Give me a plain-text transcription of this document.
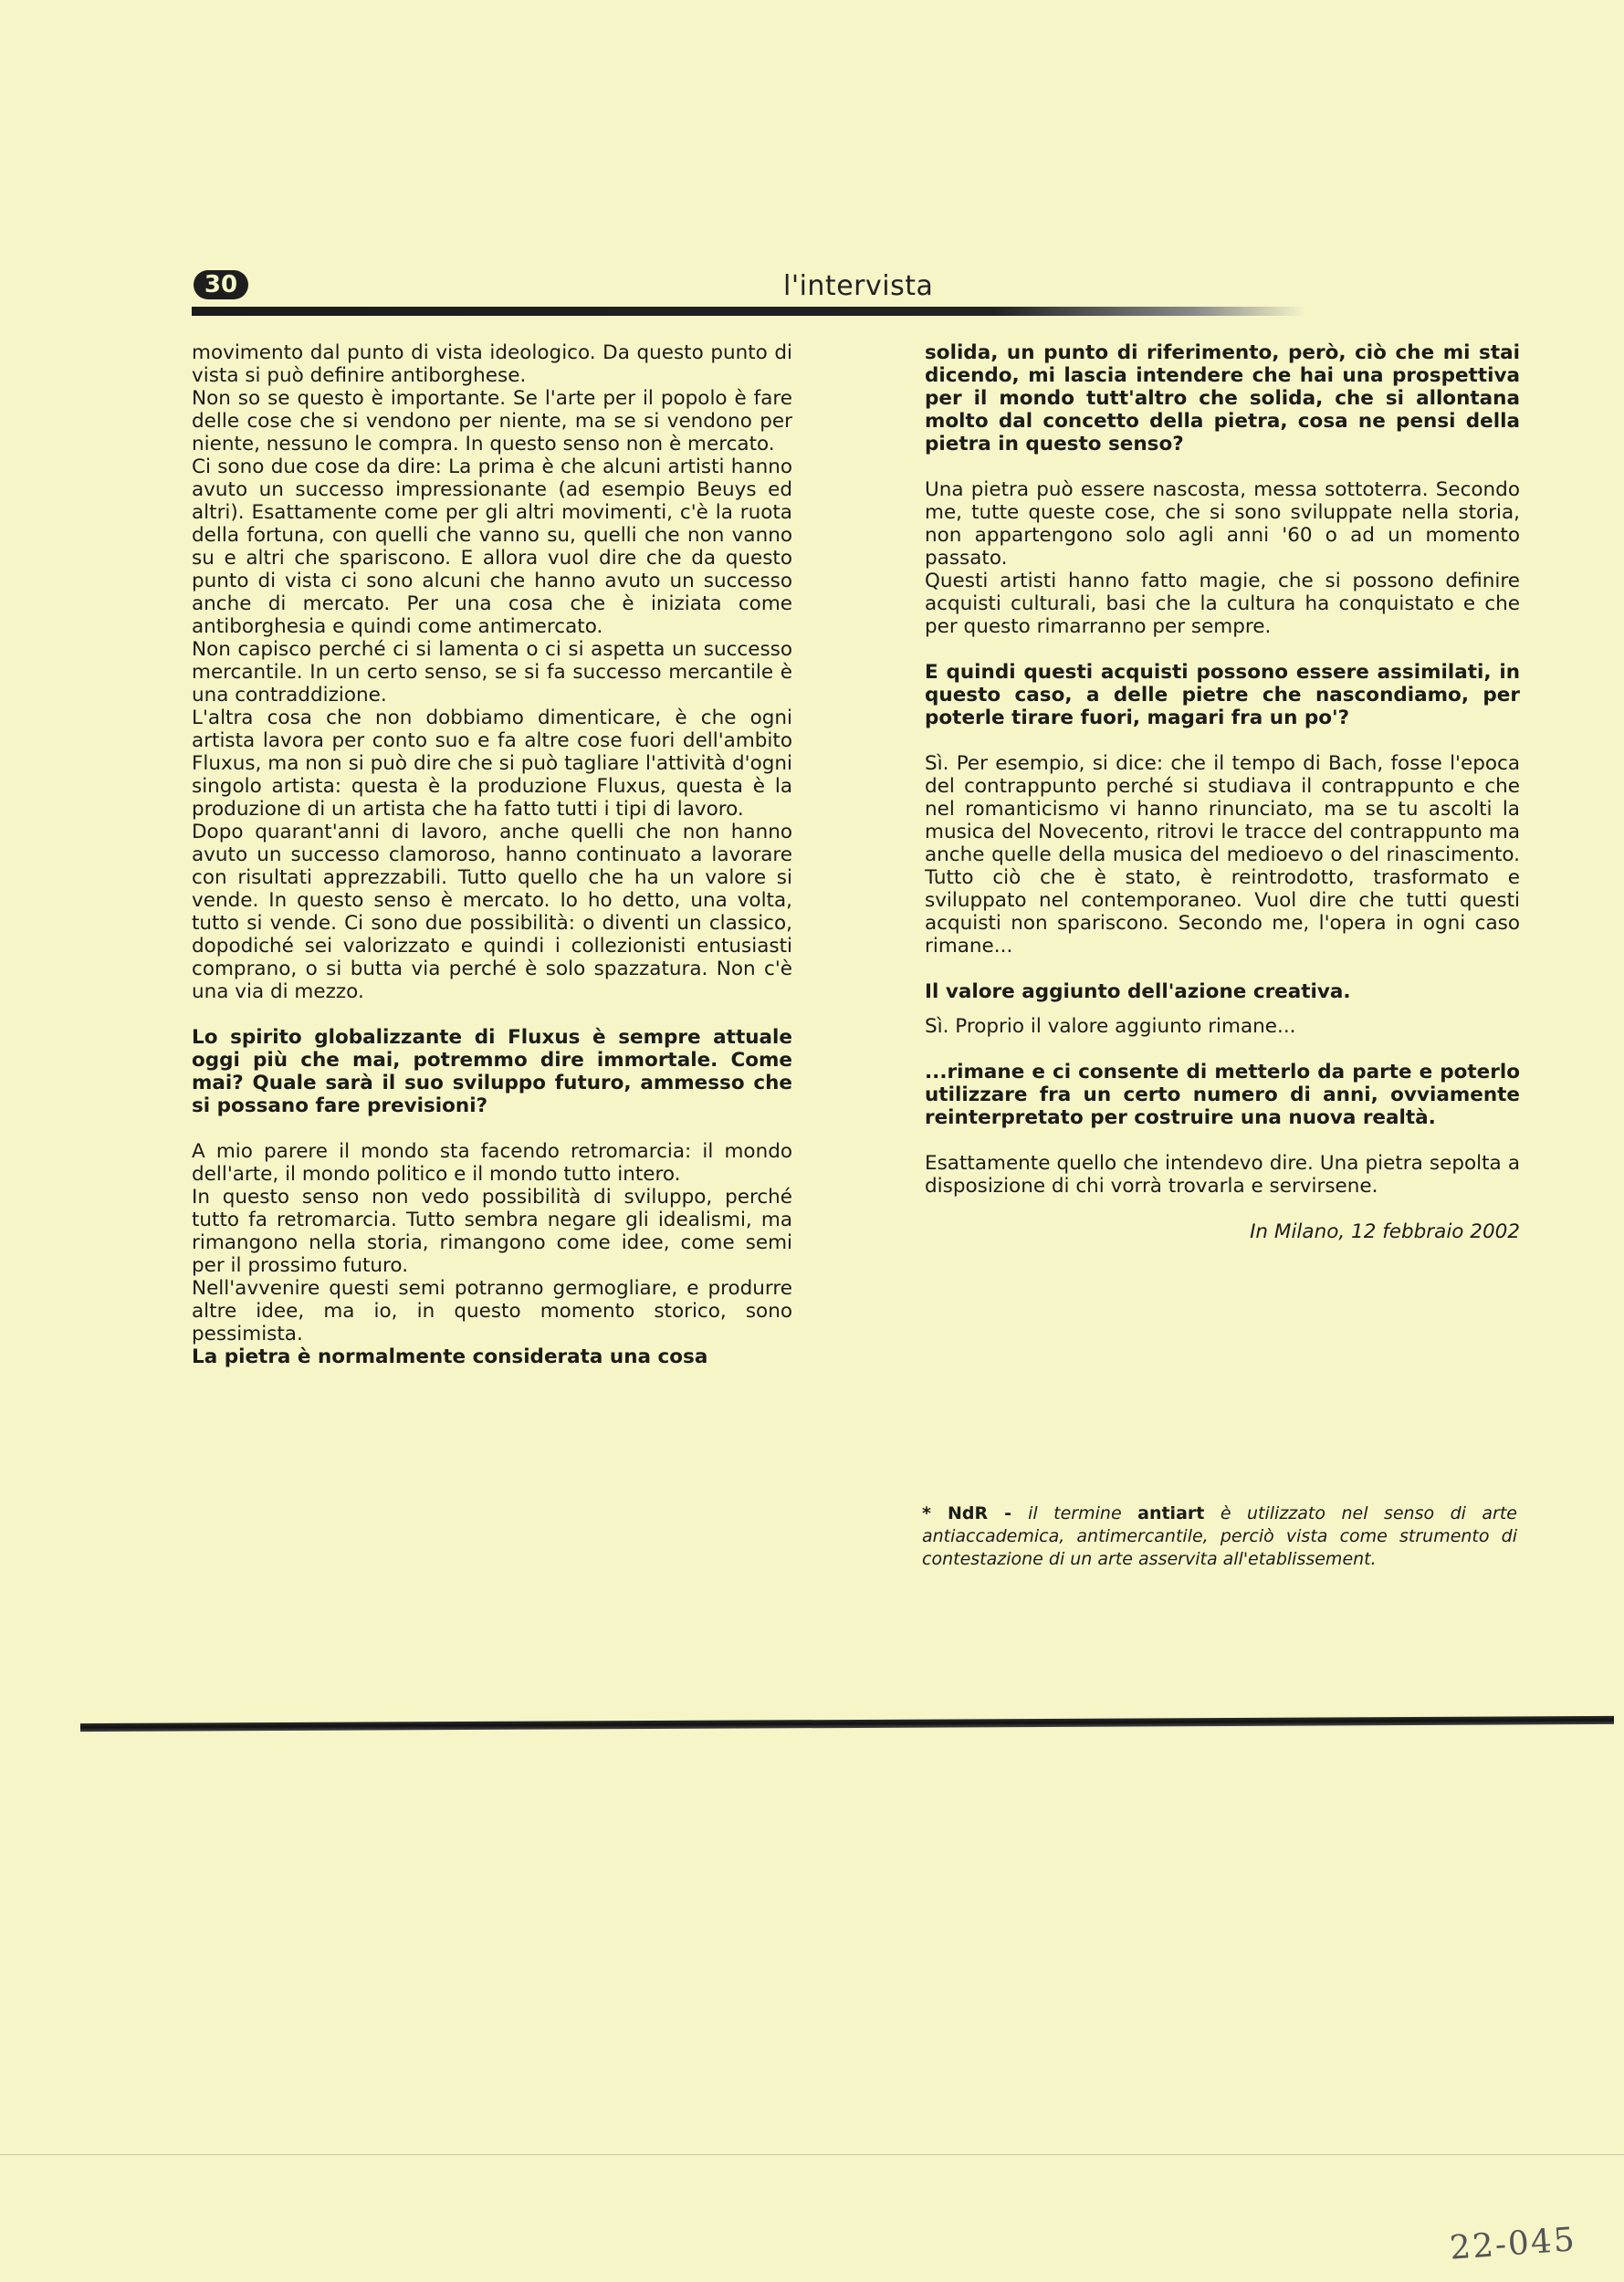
30	l'intervista

movimento dal punto di vista ideologico. Da questo punto di vista si può definire antiborghese.

Non so se questo è importante. Se l'arte per il popolo è fare delle cose che si vendono per niente, ma se si vendono per niente, nessuno le compra. In questo senso non è mercato.

Ci sono due cose da dire: La prima è che alcuni artisti hanno avuto un successo impressionante (ad esempio Beuys ed altri). Esattamente come per gli altri movimenti, c'è la ruota della fortuna, con quelli che vanno su, quelli che non vanno su e altri che spariscono. E allora vuol dire che da questo punto di vista ci sono alcuni che hanno avuto un successo anche di mercato. Per una cosa che è iniziata come antiborghesia e quindi come antimercato.

Non capisco perché ci si lamenta o ci si aspetta un successo mercantile. In un certo senso, se si fa successo mercantile è una contraddizione.

L'altra cosa che non dobbiamo dimenticare, è che ogni artista lavora per conto suo e fa altre cose fuori dell'ambito Fluxus, ma non si può dire che si può tagliare l'attività d'ogni singolo artista: questa è la produzione Fluxus, questa è la produzione di un artista che ha fatto tutti i tipi di lavoro.

Dopo quarant'anni di lavoro, anche quelli che non hanno avuto un successo clamoroso, hanno continuato a lavorare con risultati apprezzabili. Tutto quello che ha un valore si vende. In questo senso è mercato. Io ho detto, una volta, tutto si vende. Ci sono due possibilità: o diventi un classico, dopodiché sei valorizzato e quindi i collezionisti entusiasti comprano, o si butta via perché è solo spazzatura. Non c'è una via di mezzo.

Lo spirito globalizzante di Fluxus è sempre attuale oggi più che mai, potremmo dire immortale. Come mai? Quale sarà il suo sviluppo futuro, ammesso che si possano fare previsioni?

A mio parere il mondo sta facendo retromarcia: il mondo dell'arte, il mondo politico e il mondo tutto intero.

In questo senso non vedo possibilità di sviluppo, perché tutto fa retromarcia. Tutto sembra negare gli idealismi, ma rimangono nella storia, rimangono come idee, come semi per il prossimo futuro.

Nell'avvenire questi semi potranno germogliare, e produrre altre idee, ma io, in questo momento storico, sono pessimista.

La pietra è normalmente considerata una cosa

solida, un punto di riferimento, però, ciò che mi stai dicendo, mi lascia intendere che hai una prospettiva per il mondo tutt'altro che solida, che si allontana molto dal concetto della pietra, cosa ne pensi della pietra in questo senso?

Una pietra può essere nascosta, messa sottoterra. Secondo me, tutte queste cose, che si sono sviluppate nella storia, non appartengono solo agli anni '60 o ad un momento passato.

Questi artisti hanno fatto magie, che si possono definire acquisti culturali, basi che la cultura ha conquistato e che per questo rimarranno per sempre.

E quindi questi acquisti possono essere assimilati, in questo caso, a delle pietre che nascondiamo, per poterle tirare fuori, magari fra un po'?

Sì. Per esempio, si dice: che il tempo di Bach, fosse l'epoca del contrappunto perché si studiava il contrappunto e che nel romanticismo vi hanno rinunciato, ma se tu ascolti la musica del Novecento, ritrovi le tracce del contrappunto ma anche quelle della musica del medioevo o del rinascimento. Tutto ciò che è stato, è reintrodotto, trasformato e sviluppato nel contemporaneo. Vuol dire che tutti questi acquisti non spariscono. Secondo me, l'opera in ogni caso rimane...

Il valore aggiunto dell'azione creativa.

Sì. Proprio il valore aggiunto rimane...

...rimane e ci consente di metterlo da parte e poterlo utilizzare fra un certo numero di anni, ovviamente reinterpretato per costruire una nuova realtà.

Esattamente quello che intendevo dire. Una pietra sepolta a disposizione di chi vorrà trovarla e servirsene.

In Milano, 12 febbraio 2002

* NdR - il termine antiart è utilizzato nel senso di arte antiaccademica, antimercantile, perciò vista come strumento di contestazione di un arte asservita all'etablissement.
22-045
